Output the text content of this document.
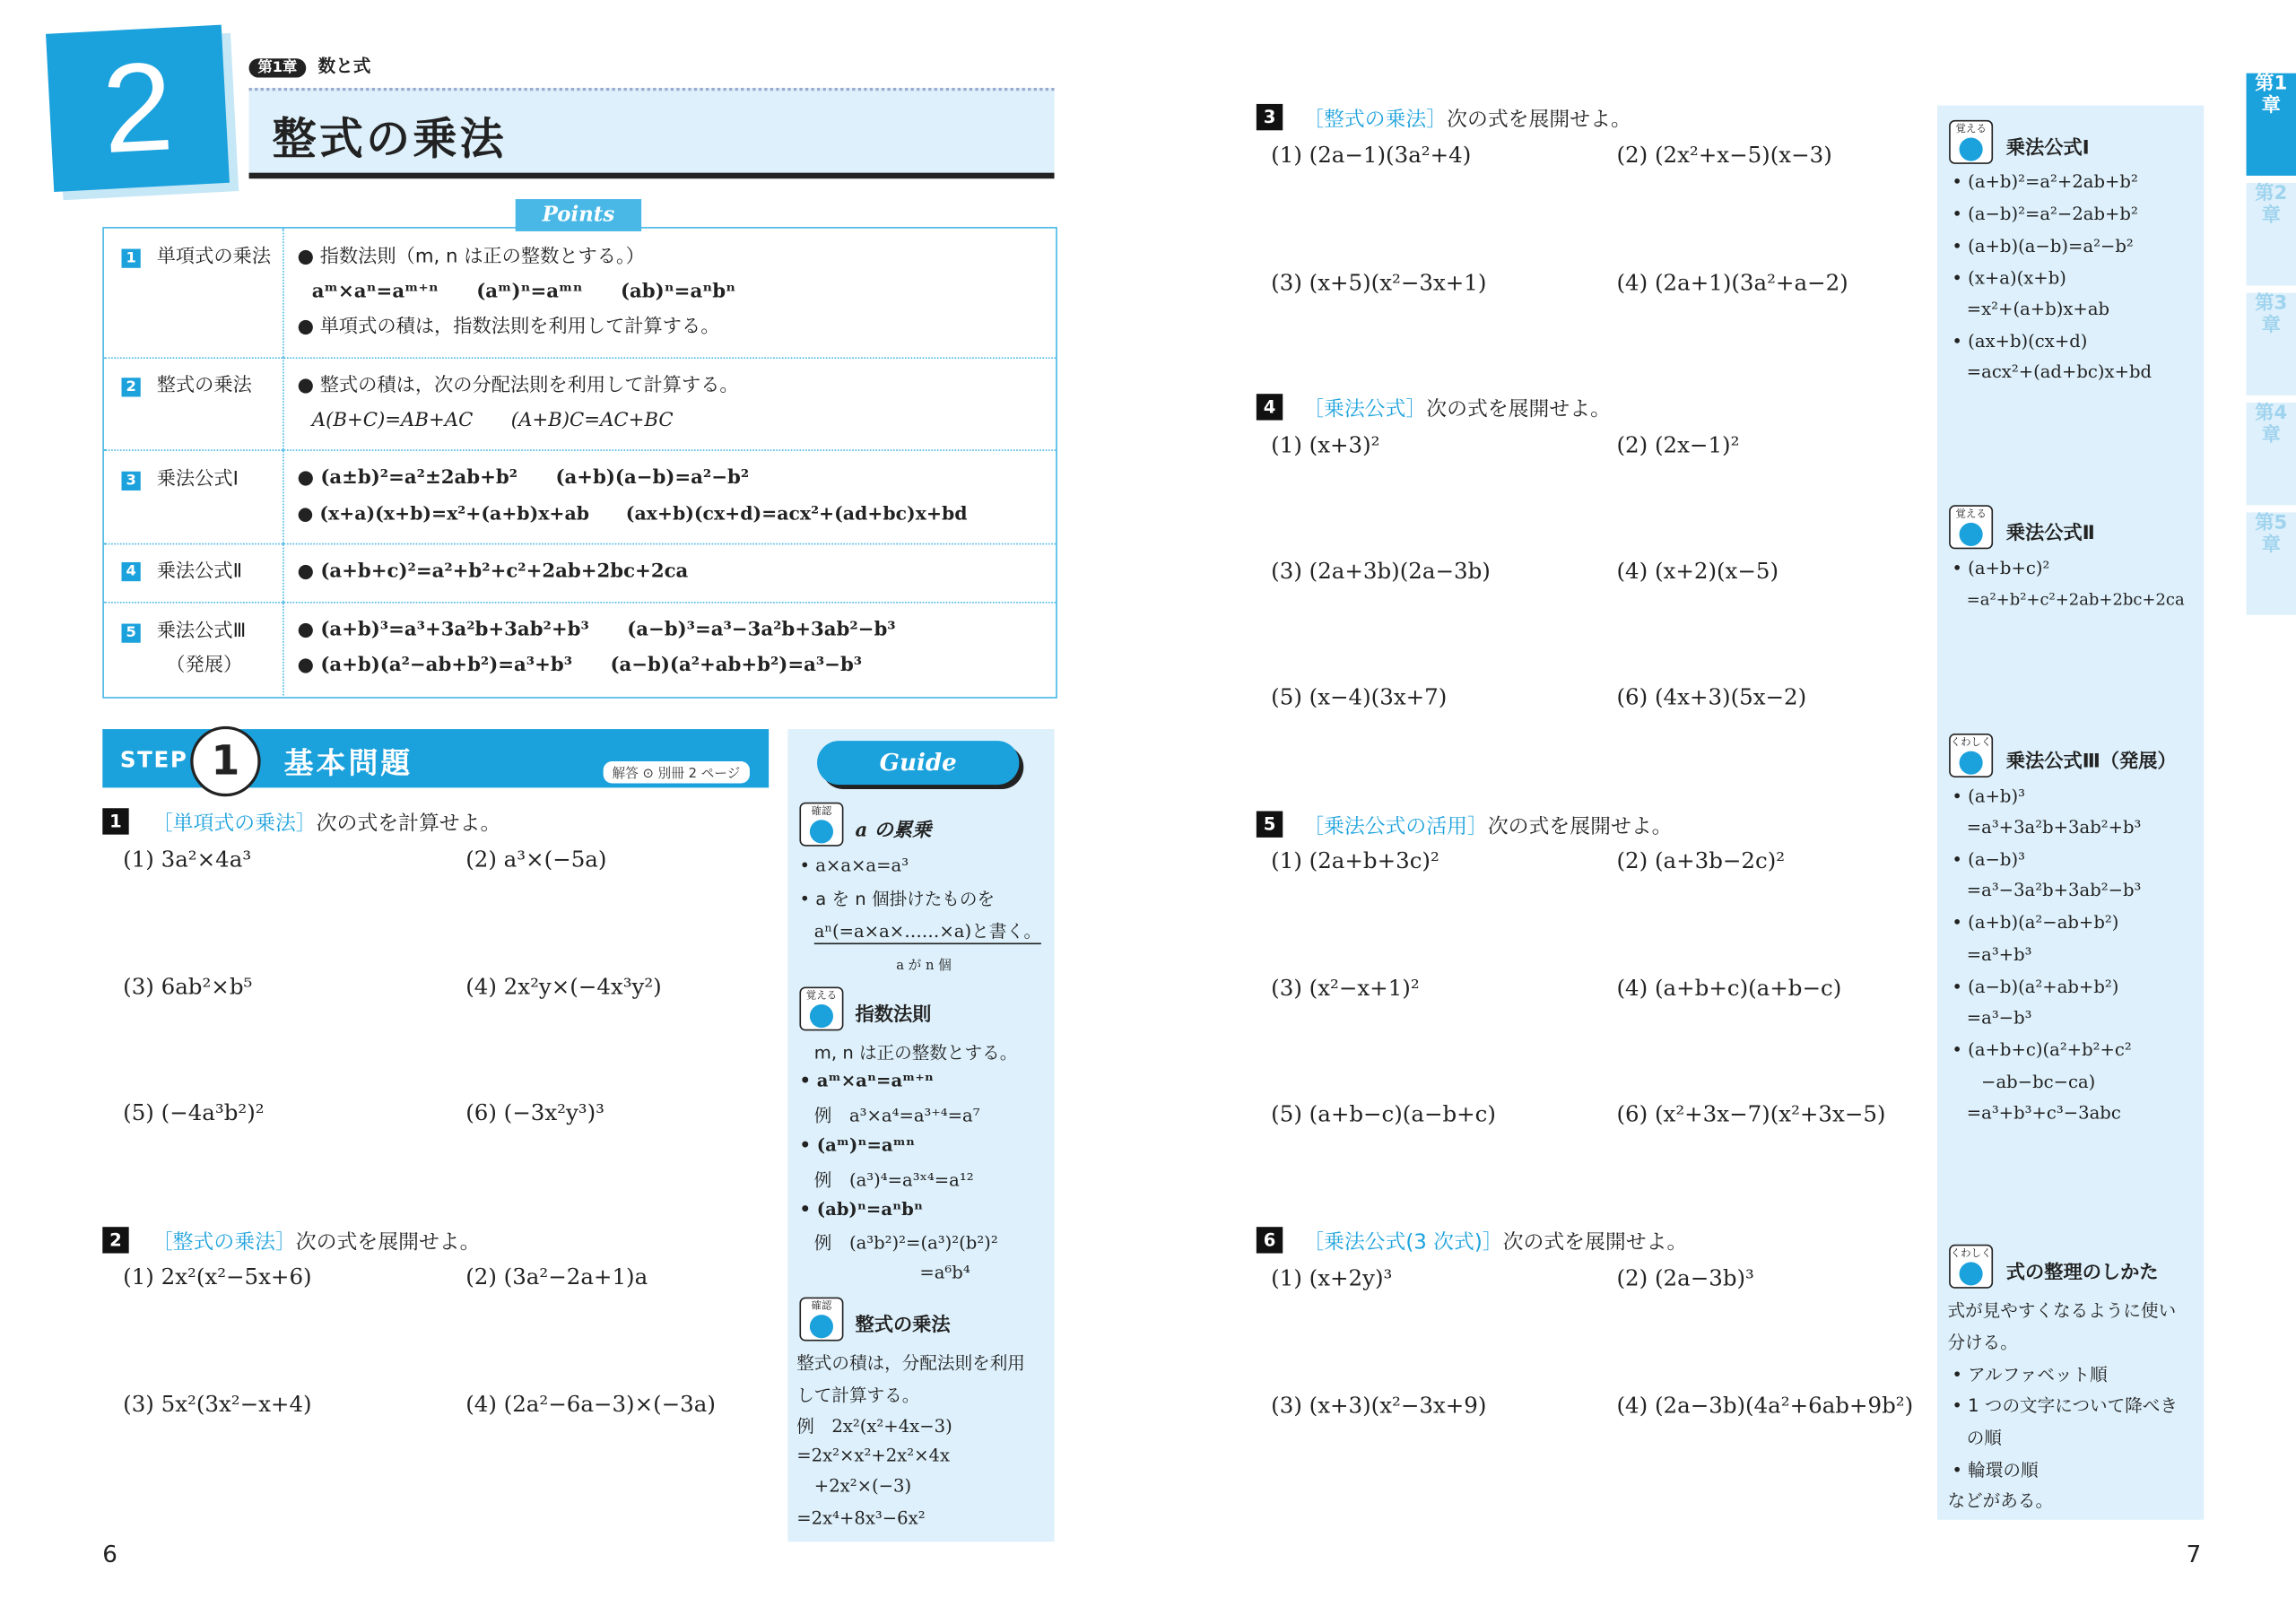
2	第1章 数と式
整式の乗法
1	単項式の乗法 ● 指数法則（m, n は正の整数とする。）
aᵐ×aⁿ=aᵐ⁺ⁿ　　(aᵐ)ⁿ=aᵐⁿ　　(ab)ⁿ=aⁿbⁿ
● 単項式の積は，指数法則を利用して計算する。
2	整式の乗法	● 整式の積は，次の分配法則を利用して計算する。
A(B+C)=AB+AC　　(A+B)C=AC+BC
3	乗法公式Ⅰ	● (a±b)²=a²±2ab+b²　　(a+b)(a−b)=a²−b²
● (x+a)(x+b)=x²+(a+b)x+ab　　(ax+b)(cx+d)=acx²+(ad+bc)x+bd
4	乗法公式Ⅱ	● (a+b+c)²=a²+b²+c²+2ab+2bc+2ca
5	乗法公式Ⅲ
　（発展）
● (a+b)³=a³+3a²b+3ab²+b³　　(a−b)³=a³−3a²b+3ab²−b³
● (a+b)(a²−ab+b²)=a³+b³　　(a−b)(a²+ab+b²)=a³−b³
Points
STEP 1	基本問題	解答 ⊙ 別冊 2 ページ
1	［単項式の乗法］次の式を計算せよ。
(1) 3a²×4a³	(2) a³×(−5a)
(3) 6ab²×b⁵	(4) 2x²y×(−4x³y²)
(5) (−4a³b²)²	(6) (−3x²y³)³
2	［整式の乗法］次の式を展開せよ。
(1) 2x²(x²−5x+6)	(2) (3a²−2a+1)a
(3) 5x²(3x²−x+4)	(4) (2a²−6a−3)×(−3a)
Guide
確認
a の累乗
• a×a×a=a³
• a を n 個掛けたものを
aⁿ(=a×a×……×a)と書く。
a が n 個
覚える
指数法則
m, n は正の整数とする。
• aᵐ×aⁿ=aᵐ⁺ⁿ
例　a³×a⁴=a³⁺⁴=a⁷
• (aᵐ)ⁿ=aᵐⁿ
例　(a³)⁴=a³ˣ⁴=a¹²
• (ab)ⁿ=aⁿbⁿ
例　(a³b²)²=(a³)²(b²)²
=a⁶b⁴
確認
整式の乗法
整式の積は，分配法則を利用
して計算する。
例　2x²(x²+4x−3)
=2x²×x²+2x²×4x
+2x²×(−3)
=2x⁴+8x³−6x²
6
3	［整式の乗法］次の式を展開せよ。
(1) (2a−1)(3a²+4)	(2) (2x²+x−5)(x−3)
(3) (x+5)(x²−3x+1)	(4) (2a+1)(3a²+a−2)
4	［乗法公式］次の式を展開せよ。
(1) (x+3)²	(2) (2x−1)²
(3) (2a+3b)(2a−3b)	(4) (x+2)(x−5)
(5) (x−4)(3x+7)	(6) (4x+3)(5x−2)
5	［乗法公式の活用］次の式を展開せよ。
(1) (2a+b+3c)²	(2) (a+3b−2c)²
(3) (x²−x+1)²	(4) (a+b+c)(a+b−c)
(5) (a+b−c)(a−b+c)	(6) (x²+3x−7)(x²+3x−5)
6	［乗法公式(3 次式)］次の式を展開せよ。
(1) (x+2y)³	(2) (2a−3b)³
(3) (x+3)(x²−3x+9)	(4) (2a−3b)(4a²+6ab+9b²)
覚える
乗法公式Ⅰ
• (a+b)²=a²+2ab+b²
• (a−b)²=a²−2ab+b²
• (a+b)(a−b)=a²−b²
• (x+a)(x+b)
=x²+(a+b)x+ab
• (ax+b)(cx+d)
=acx²+(ad+bc)x+bd
覚える
乗法公式Ⅱ
• (a+b+c)²
=a²+b²+c²+2ab+2bc+2ca
くわしく
乗法公式Ⅲ（発展）
• (a+b)³
=a³+3a²b+3ab²+b³
• (a−b)³
=a³−3a²b+3ab²−b³
• (a+b)(a²−ab+b²)
=a³+b³
• (a−b)(a²+ab+b²)
=a³−b³
• (a+b+c)(a²+b²+c²
−ab−bc−ca)
=a³+b³+c³−3abc
くわしく
式の整理のしかた
式が見やすくなるように使い
分ける。
• アルファベット順
• 1 つの文字について降べき
の順
• 輪環の順
などがある。
第1章
第2章
第3章
第4章
第5章
7
